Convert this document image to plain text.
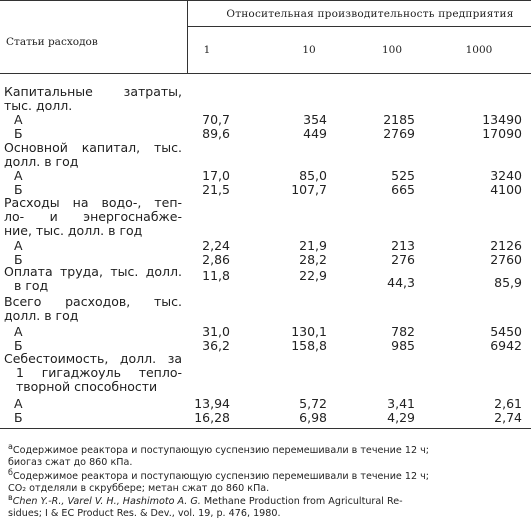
Относительная производительность предприятия
Статьи расходов
1	10	100	1000
Капитальные затраты,
тыс. долл.
А	70,7	354	2185	13490
Б	89,6	449	2769	17090
Основной капитал, тыс.
долл. в год
А	17,0	85,0	525	3240
Б	21,5	107,7	665	4100
Расходы на водо-, теп-
ло- и энергоснабже-
ние, тыс. долл. в год
А	2,24	21,9	213	2126
Б	2,86	28,2	276	2760
Оплата труда, тыс. долл.
в год
11,8	22,9	44,3	85,9
Всего расходов, тыс.
долл. в год
А	31,0	130,1	782	5450
Б	36,2	158,8	985	6942
Себестоимость, долл. за
1 гигаджоуль тепло-
творной способности
А	13,94	5,72	3,41	2,61
Б	16,28	6,98	4,29	2,74
$^а$Содержимое реактора и поступающую суспензию перемешивали в течение 12 ч;
биогаз сжат до 860 кПа.
$^б$Содержимое реактора и поступающую суспензию перемешивали в течение 12 ч;
CO₂ отделяли в скруббере; метан сжат до 860 кПа.
$^в$Chen Y.-R., Varel V. H., Hashimoto A. G. Methane Production from Agricultural Re-
sidues; I & EC Product Res. & Dev., vol. 19, p. 476, 1980.
